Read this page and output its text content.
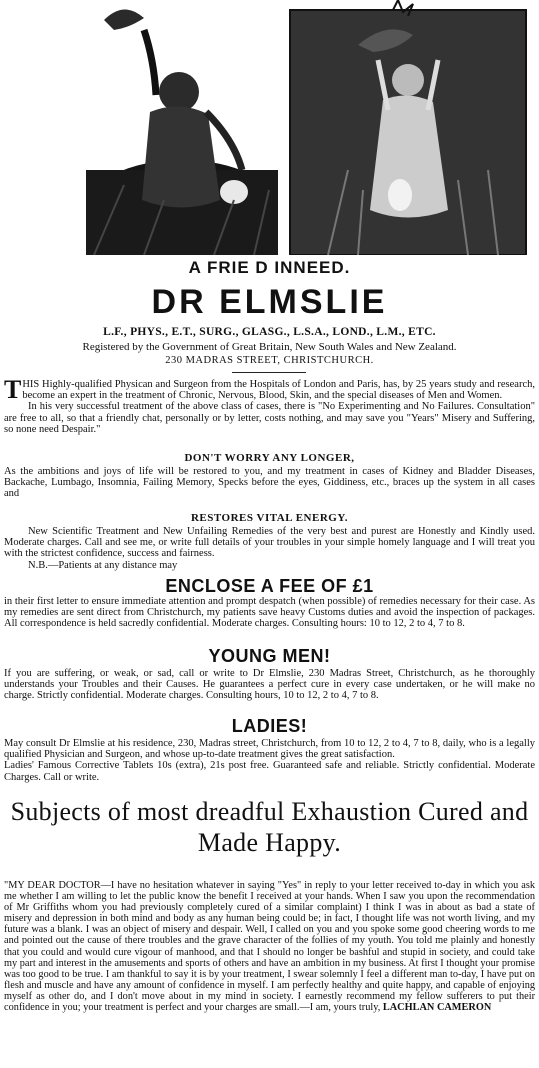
A FRIE D INNEED.
DR ELMSLIE
L.F., PHYS., E.T., SURG., GLASG., L.S.A., LOND., L.M., ETC.
Registered by the Government of Great Britain, New South Wales and New Zealand.
230 MADRAS STREET, CHRISTCHURCH.

THIS Highly-qualified Physican and Surgeon from the Hospitals of London and Paris, has, by 25 years study and research, become an expert in the treatment of Chronic, Nervous, Blood, Skin, and the special diseases of Men and Women.

In his very successful treatment of the above class of cases, there is "No Experimenting and No Failures. Consultation" are free to all, so that a friendly chat, personally or by letter, costs nothing, and may save you "Years" Misery and Suffering, so none need Despair."

DON'T WORRY ANY LONGER,
As the ambitions and joys of life will be restored to you, and my treatment in cases of Kidney and Bladder Diseases, Backache, Lumbago, Insomnia, Failing Memory, Specks before the eyes, Giddiness, etc., braces up the system in all cases and
RESTORES VITAL ENERGY.

New Scientific Treatment and New Unfailing Remedies of the very best and purest are Honestly and Kindly used. Moderate charges. Call and see me, or write full details of your troubles in your simple homely language and I will treat you with the strictest confidence, success and fairness.

N.B.—Patients at any distance may

ENCLOSE A FEE OF £1
in their first letter to ensure immediate attention and prompt despatch (when possible) of remedies necessary for their case. As my remedies are sent direct from Christchurch, my patients save heavy Customs duties and avoid the inspection of packages. All correspondence is held sacredly confidential. Moderate charges. Consulting hours: 10 to 12, 2 to 4, 7 to 8.
YOUNG MEN!
If you are suffering, or weak, or sad, call or write to Dr Elmslie, 230 Madras Street, Christchurch, as he thoroughly understands your Troubles and their Causes. He guarantees a perfect cure in every case undertaken, or he will make no charge. Strictly confidential. Moderate charges. Consulting hours, 10 to 12, 2 to 4, 7 to 8.
LADIES!

May consult Dr Elmslie at his residence, 230, Madras street, Christchurch, from 10 to 12, 2 to 4, 7 to 8, daily, who is a legally qualified Physician and Surgeon, and whose up-to-date treatment gives the great satisfaction.

Ladies' Famous Corrective Tablets 10s (extra), 21s post free. Guaranteed safe and reliable. Strictly confidential. Moderate Charges. Call or write.

Subjects of most dreadful Exhaustion Cured and Made Happy.

"MY DEAR DOCTOR—I have no hesitation whatever in saying "Yes" in reply to your letter received to-day in which you ask me whether I am willing to let the public know the benefit I received at your hands. When I saw you upon the recommendation of Mr Griffiths whom you had previously completely cured of a similar complaint) I think I was in about as bad a state of misery and depression in both mind and body as any human being could be; in fact, I thought life was not worth living, and my future was a blank. I was an object of misery and despair. Well, I called on you and you spoke some good cheering words to me and pointed out the cause of there troubles and the grave character of the follies of my youth. You told me plainly and honestly that you could and would cure vigour of manhood, and that I should no longer be bashful and stupid in society, and could take my part and interest in the amusements and sports of others and have an ambition in my business. At first I thought your promise was too good to be true. I am thankful to say it is by your treatment, I swear solemnly I feel a different man to-day, I have put on flesh and muscle and have any amount of confidence in myself. I am perfectly healthy and quite happy, and capable of enjoying myself as other do, and I don't move about in my mind in society. I earnestly recommend my fellow sufferers to put their confidence in you; your treatment is perfect and your charges are small.—I am, yours truly, LACHLAN CAMERON
